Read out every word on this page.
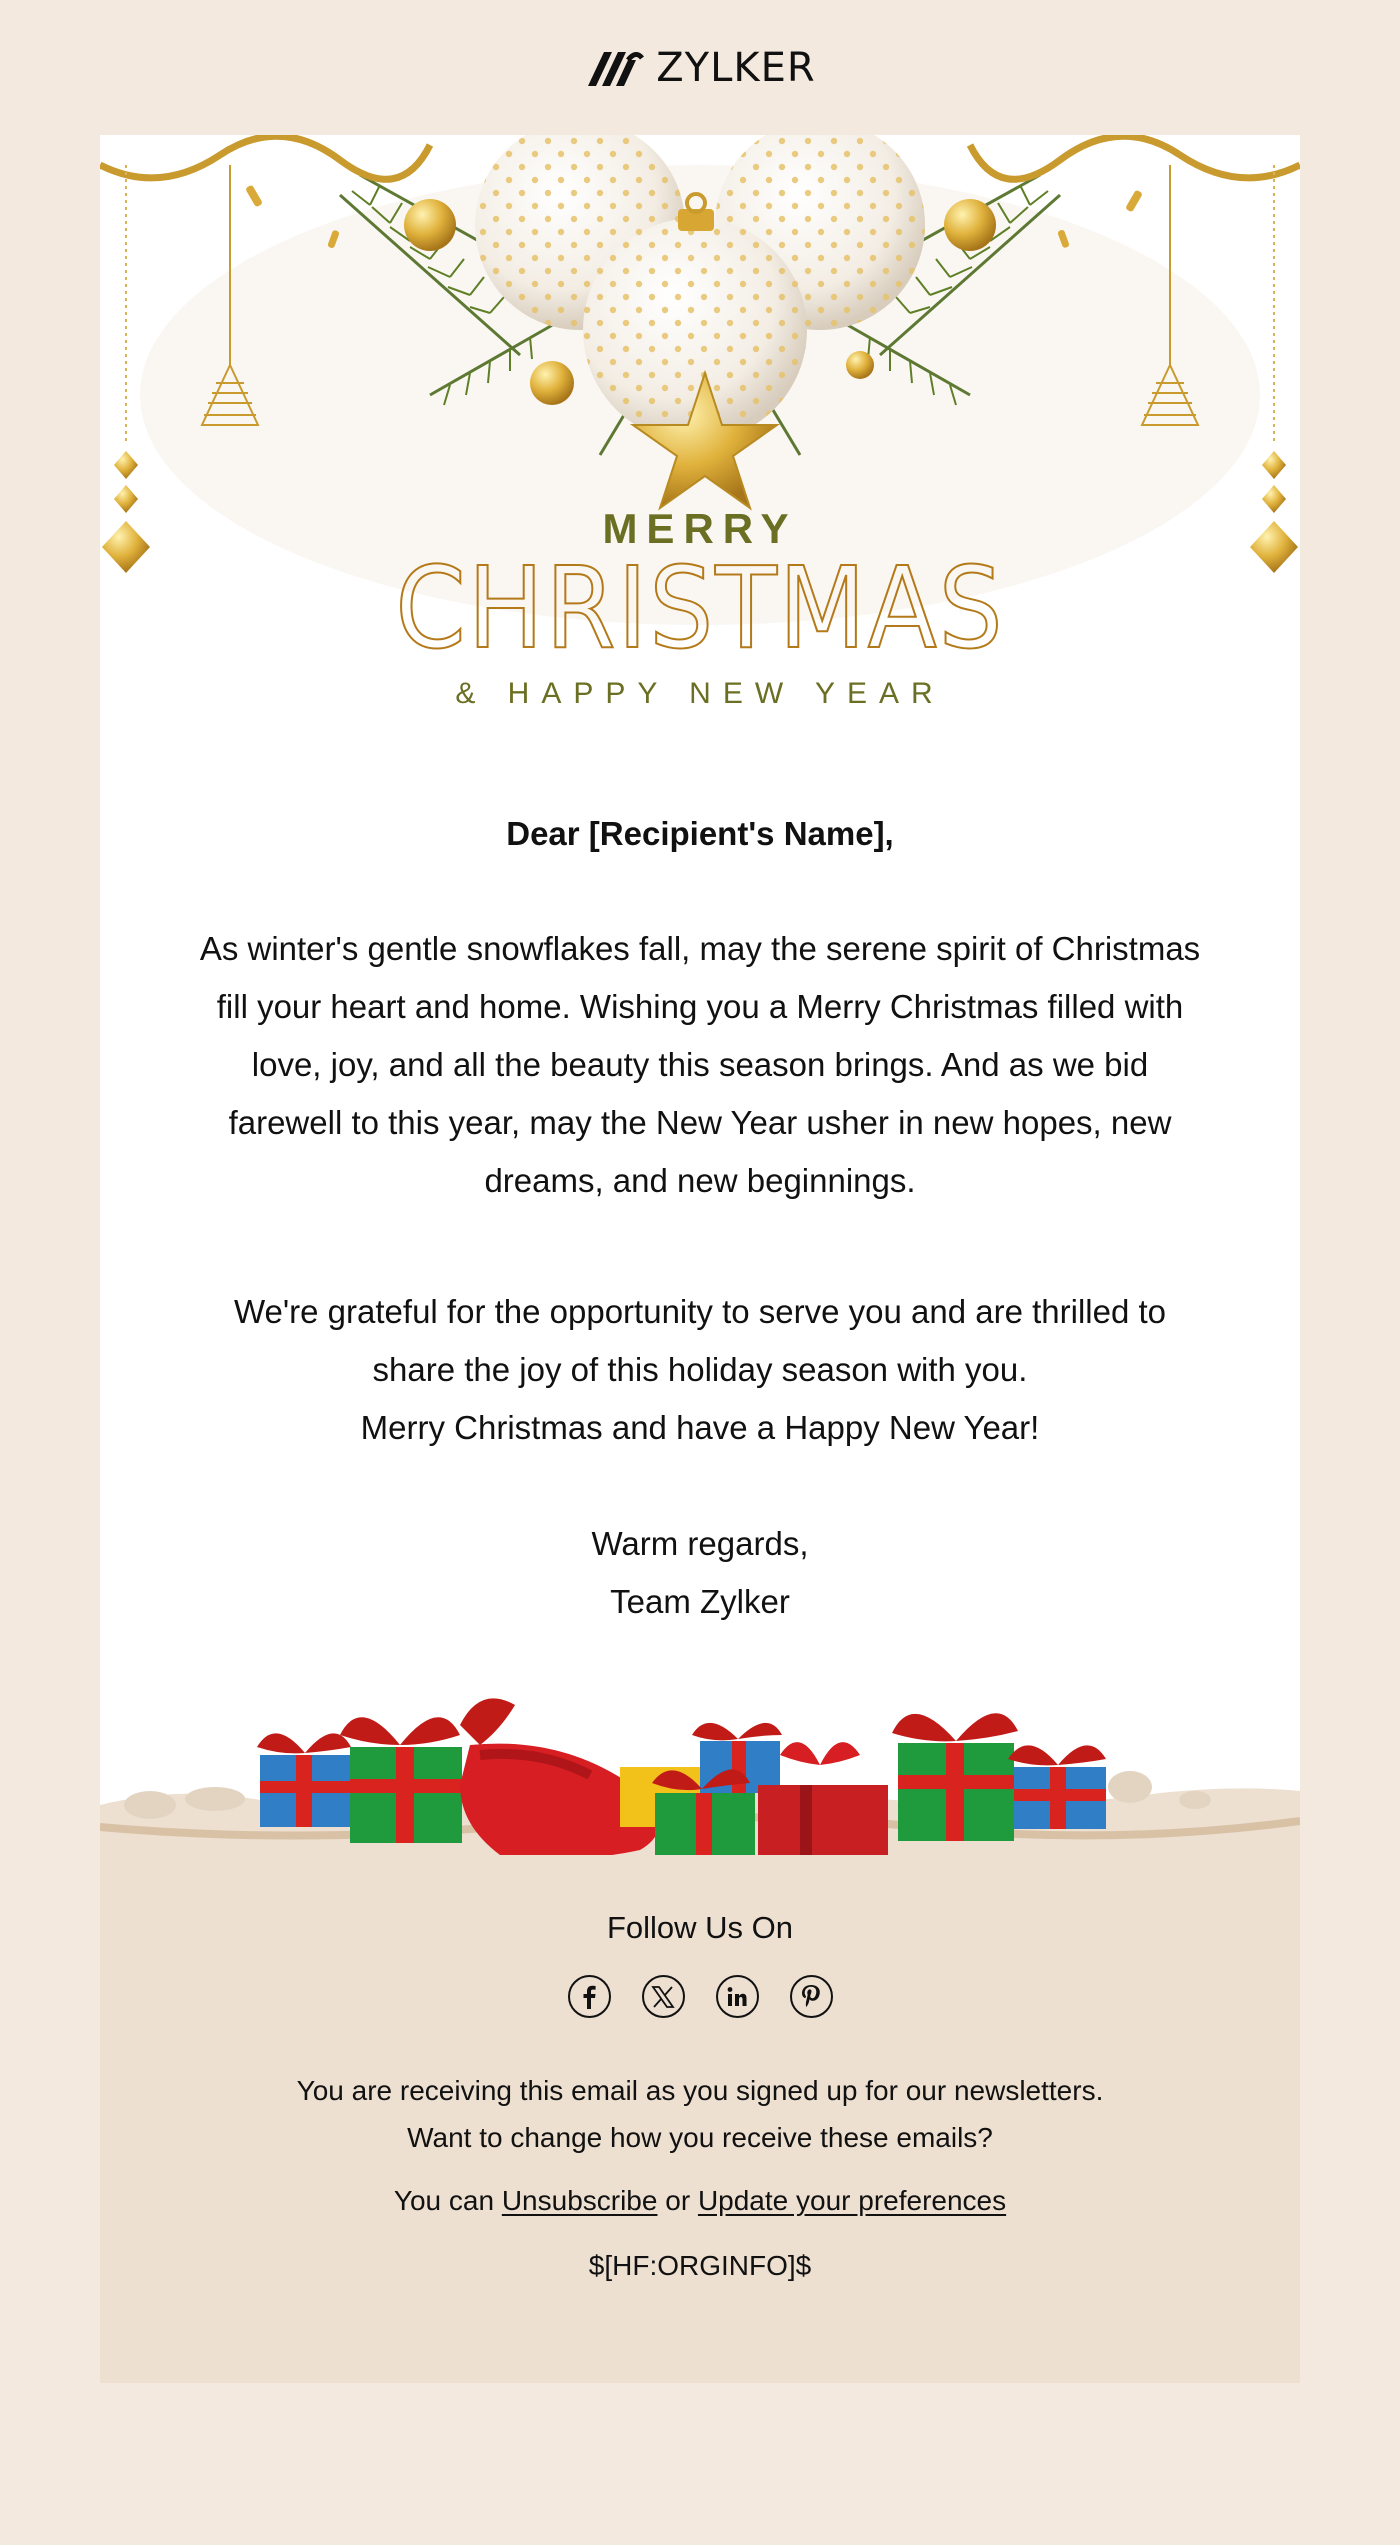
ZYLKER
MERRY
CHRISTMAS
& HAPPY NEW YEAR
Dear [Recipient's Name],
As winter's gentle snowflakes fall, may the serene spirit of Christmas fill your heart and home. Wishing you a Merry Christmas filled with love, joy, and all the beauty this season brings. And as we bid farewell to this year, may the New Year usher in new hopes, new dreams, and new beginnings.
We're grateful for the opportunity to serve you and are thrilled to share the joy of this holiday season with you.
Merry Christmas and have a Happy New Year!
Warm regards,
Team Zylker
Follow Us On
You are receiving this email as you signed up for our newsletters.
Want to change how you receive these emails?
You can Unsubscribe or Update your preferences
$[HF:ORGINFO]$
